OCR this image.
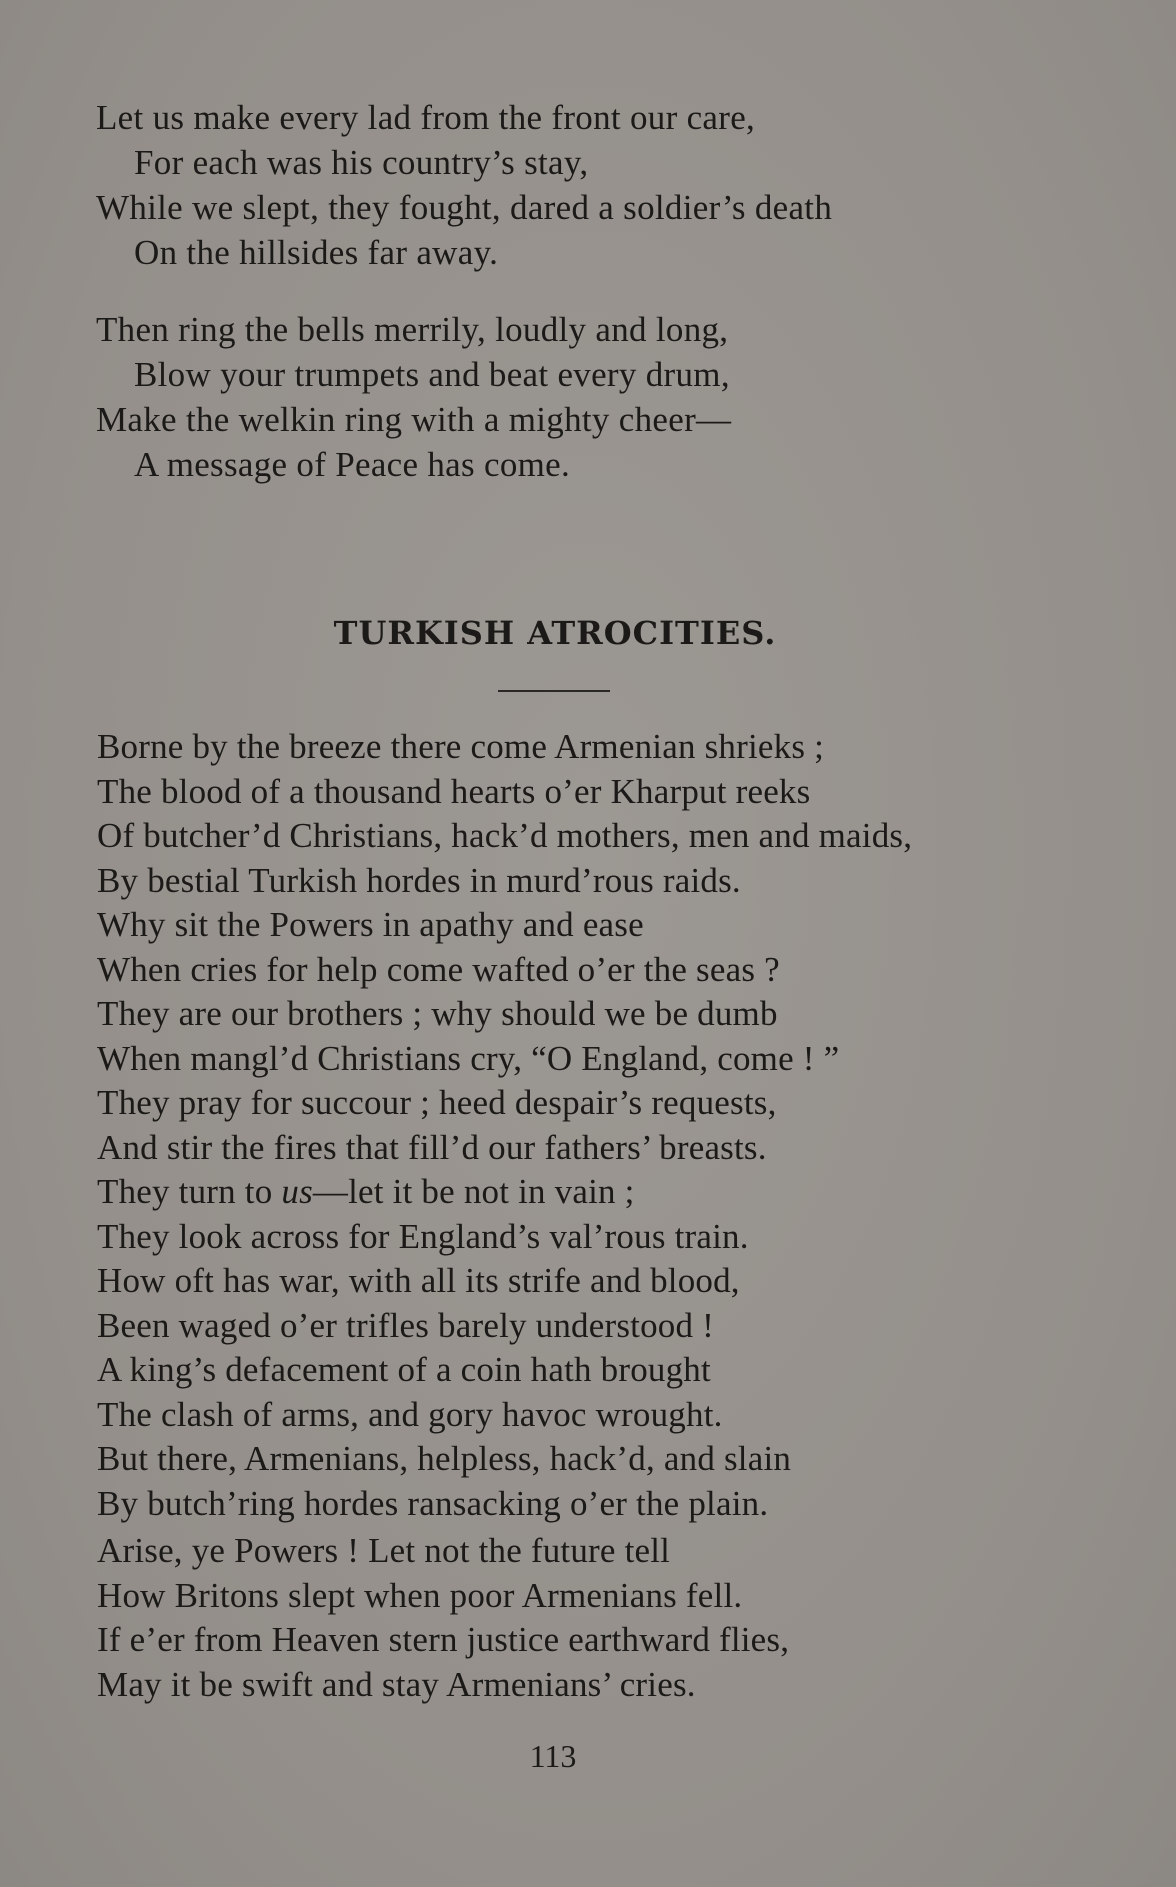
Let us make every lad from the front our care,
For each was his country’s stay,
While we slept, they fought, dared a soldier’s death
On the hillsides far away.
Then ring the bells merrily, loudly and long,
Blow your trumpets and beat every drum,
Make the welkin ring with a mighty cheer—
A message of Peace has come.
TURKISH ATROCITIES.
Borne by the breeze there come Armenian shrieks ;
The blood of a thousand hearts o’er Kharput reeks
Of butcher’d Christians, hack’d mothers, men and maids,
By bestial Turkish hordes in murd’rous raids.
Why sit the Powers in apathy and ease
When cries for help come wafted o’er the seas ?
They are our brothers ; why should we be dumb
When mangl’d Christians cry, “O England, come ! ”
They pray for succour ; heed despair’s requests,
And stir the fires that fill’d our fathers’ breasts.
They turn to us—let it be not in vain ;
They look across for England’s val’rous train.
How oft has war, with all its strife and blood,
Been waged o’er trifles barely understood !
A king’s defacement of a coin hath brought
The clash of arms, and gory havoc wrought.
But there, Armenians, helpless, hack’d, and slain
By butch’ring hordes ransacking o’er the plain.
Arise, ye Powers ! Let not the future tell
How Britons slept when poor Armenians fell.
If e’er from Heaven stern justice earthward flies,
May it be swift and stay Armenians’ cries.
113
